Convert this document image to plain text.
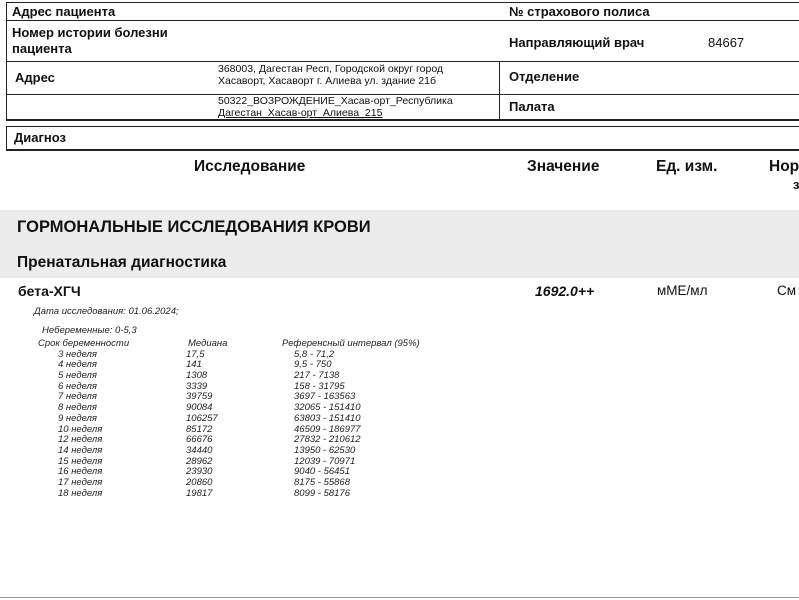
Адрес пациента	№ страхового полиса
Номер истории болезни
пациента	Направляющий врач	84667
Адрес
368003, Дагестан Респ, Городской округ город
Хасаворт, Хасаворт г. Алиева ул. здание 21б	Отделение
50322_ВОЗРОЖДЕНИЕ_Хасав-орт_Республика
Дагестан_Хасав-орт_Алиева_215	Палата
Диагноз
Исследование	Значение	Ед. изм.	Нор
з
ГОРМОНАЛЬНЫЕ ИССЛЕДОВАНИЯ КРОВИ
Пренатальная диагностика
бета-ХГЧ	1692.0++	мМЕ/мл	См
Дата исследования: 01.06.2024;
Небеременные: 0-5,3
Срок беременности	Медиана	Референсный интервал (95%)
3 неделя	17,5	5,8 - 71,2
4 неделя	141	9,5 - 750
5 неделя	1308	217 - 7138
6 неделя	3339	158 - 31795
7 неделя	39759	3697 - 163563
8 неделя	90084	32065 - 151410
9 неделя	106257	63803 - 151410
10 неделя	85172	46509 - 186977
12 неделя	66676	27832 - 210612
14 неделя	34440	13950 - 62530
15 неделя	28962	12039 - 70971
16 неделя	23930	9040 - 56451
17 неделя	20860	8175 - 55868
18 неделя	19817	8099 - 58176
